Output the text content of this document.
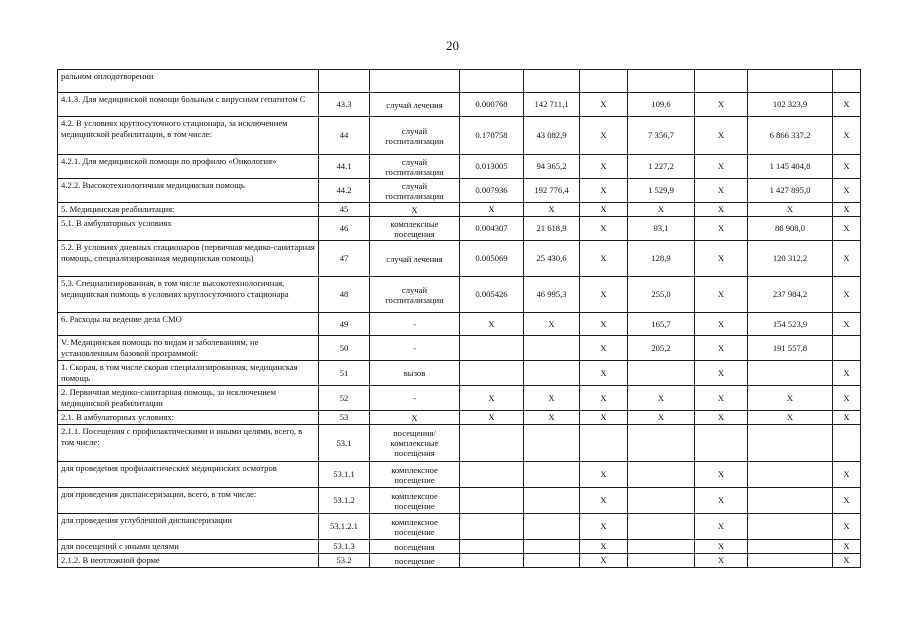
20
ральном оплодотворении									
4.1.3. Для медицинской помощи больным с вирусным гепатитом С	43.3	случай лечения	0.000768	142 711,1	X	109,6	X	102 323,9	X
4.2. В условиях круглосуточного стационара, за исключением медицинской реабилитации, в том числе:	44	случай госпитализации	0.170758	43 082,9	X	7 356,7	X	6 866 337,2	X
4.2.1. Для медицинской помощи по профилю «Онкология»	44.1	случай госпитализации	0.013005	94 365,2	X	1 227,2	X	1 145 404,8	X
4.2.2. Высокотехнологичная медицинская помощь	44.2	случай госпитализации	0.007936	192 776,4	X	1 529,9	X	1 427 895,0	X
5. Медицинская реабилитация:	45	X	X	X	X	X	X	X	X
5.1. В амбулаторных условиях	46	комплексные посещения	0.004307	21 618,9	X	93,1	X	86 908,0	X
5.2. В условиях дневных стационаров (первичная медико-санитарная помощь, специализированная медицинская помощь)	47	случай лечения	0.005069	25 430,6	X	128,9	X	120 312,2	X
5.3. Специализированная, в том числе высокотехнологичная, медицинская помощь в условиях круглосуточного стационара	48	случай госпитализации	0.005426	46 995,3	X	255,0	X	237 984,2	X
6. Расходы на ведение дела СМО	49	-	X	X	X	165,7	X	154 523,9	X
V. Медицинская помощь по видам и заболеваниям, не установленным базовой программой:	50	-			X	205,2	X	191 557,8	
1. Скорая, в том числе скорая специализированная, медицинская помощь	51	вызов			X		X		X
2. Первичная медико-санитарная помощь, за исключением медицинской реабилитации	52	-	X	X	X	X	X	X	X
2.1. В амбулаторных условиях:	53	X	X	X	X	X	X	X	X
2.1.1. Посещения с профилактическими и иными целями, всего, в том числе:	53.1	посещения/комплексные посещения							
для проведения профилактических медицинских осмотров	53.1.1	комплексное посещение			X		X		X
для проведения диспансеризации, всего, в том числе:	53.1.2	комплексное посещение			X		X		X
для проведения углубленной диспансеризации	53.1.2.1	комплексное посещение			X		X		X
для посещений с иными целями	53.1.3	посещения			X		X		X
2.1.2. В неотложной форме	53.2	посещение			X		X		X
